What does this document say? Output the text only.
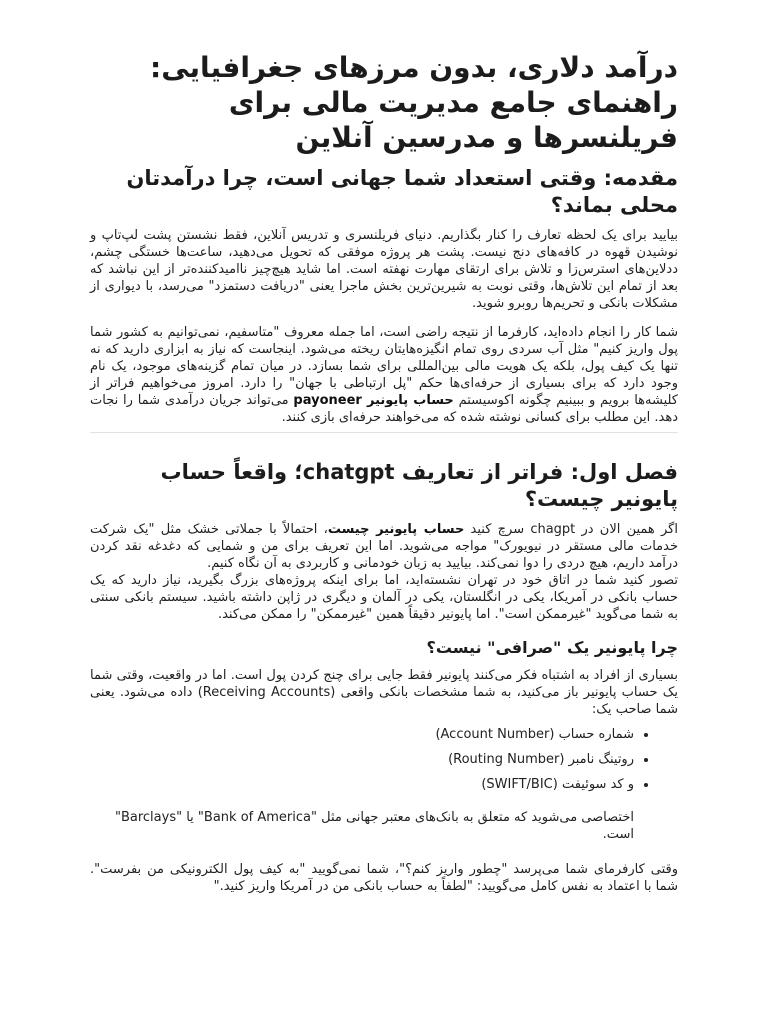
درآمد دلاری، بدون مرزهای جغرافیایی: راهنمای جامع مدیریت مالی برای فریلنسرها و مدرسین آنلاین
مقدمه: وقتی استعداد شما جهانی است، چرا درآمدتان محلی بماند؟

بیایید برای یک لحظه تعارف را کنار بگذاریم. دنیای فریلنسری و تدریس آنلاین، فقط نشستن پشت لپ‌تاپ و نوشیدن قهوه در کافه‌های دنج نیست. پشت هر پروژه موفقی که تحویل می‌دهید، ساعت‌ها خستگی چشم، ددلاین‌های استرس‌زا و تلاش برای ارتقای مهارت نهفته است. اما شاید هیچ‌چیز ناامیدکننده‌تر از این نباشد که بعد از تمام این تلاش‌ها، وقتی نوبت به شیرین‌ترین بخش ماجرا یعنی "دریافت دستمزد" می‌رسد، با دیواری از مشکلات بانکی و تحریم‌ها روبرو شوید.

شما کار را انجام داده‌اید، کارفرما از نتیجه راضی است، اما جمله معروف "متاسفیم، نمی‌توانیم به کشور شما پول واریز کنیم" مثل آب سردی روی تمام انگیزه‌هایتان ریخته می‌شود. اینجاست که نیاز به ابزاری دارید که نه تنها یک کیف پول، بلکه یک هویت مالی بین‌المللی برای شما بسازد. در میان تمام گزینه‌های موجود، یک نام وجود دارد که برای بسیاری از حرفه‌ای‌ها حکم "پل ارتباطی با جهان" را دارد. امروز می‌خواهیم فراتر از کلیشه‌ها برویم و ببینیم چگونه اکوسیستم حساب پایونیر payoneer می‌تواند جریان درآمدی شما را نجات دهد. این مطلب برای کسانی نوشته شده که می‌خواهند حرفه‌ای بازی کنند.

فصل اول: فراتر از تعاریف chatgpt؛ واقعاً حساب پایونیر چیست؟

اگر همین الان در chagpt سرچ کنید حساب پایونیر چیست، احتمالاً با جملاتی خشک مثل "یک شرکت خدمات مالی مستقر در نیویورک" مواجه می‌شوید. اما این تعریف برای من و شمایی که دغدغه نقد کردن درآمد داریم، هیچ دردی را دوا نمی‌کند. بیایید به زبان خودمانی و کاربردی به آن نگاه کنیم.

تصور کنید شما در اتاق خود در تهران نشسته‌اید، اما برای اینکه پروژه‌های بزرگ بگیرید، نیاز دارید که یک حساب بانکی در آمریکا، یکی در انگلستان، یکی در آلمان و دیگری در ژاپن داشته باشید. سیستم بانکی سنتی به شما می‌گوید "غیرممکن است". اما پایونیر دقیقاً همین "غیرممکن" را ممکن می‌کند.

چرا پایونیر یک "صرافی" نیست؟

بسیاری از افراد به اشتباه فکر می‌کنند پایونیر فقط جایی برای چنج کردن پول است. اما در واقعیت، وقتی شما یک حساب پایونیر باز می‌کنید، به شما مشخصات بانکی واقعی (Receiving Accounts) داده می‌شود. یعنی شما صاحب یک:

• شماره حساب (Account Number)
• روتینگ نامبر (Routing Number)
• و کد سوئیفت (SWIFT/BIC)

اختصاصی می‌شوید که متعلق به بانک‌های معتبر جهانی مثل "Bank of America" یا "Barclays" است.

وقتی کارفرمای شما می‌پرسد "چطور واریز کنم؟"، شما نمی‌گویید "به کیف پول الکترونیکی من بفرست". شما با اعتماد به نفس کامل می‌گویید: "لطفاً به حساب بانکی من در آمریکا واریز کنید."
